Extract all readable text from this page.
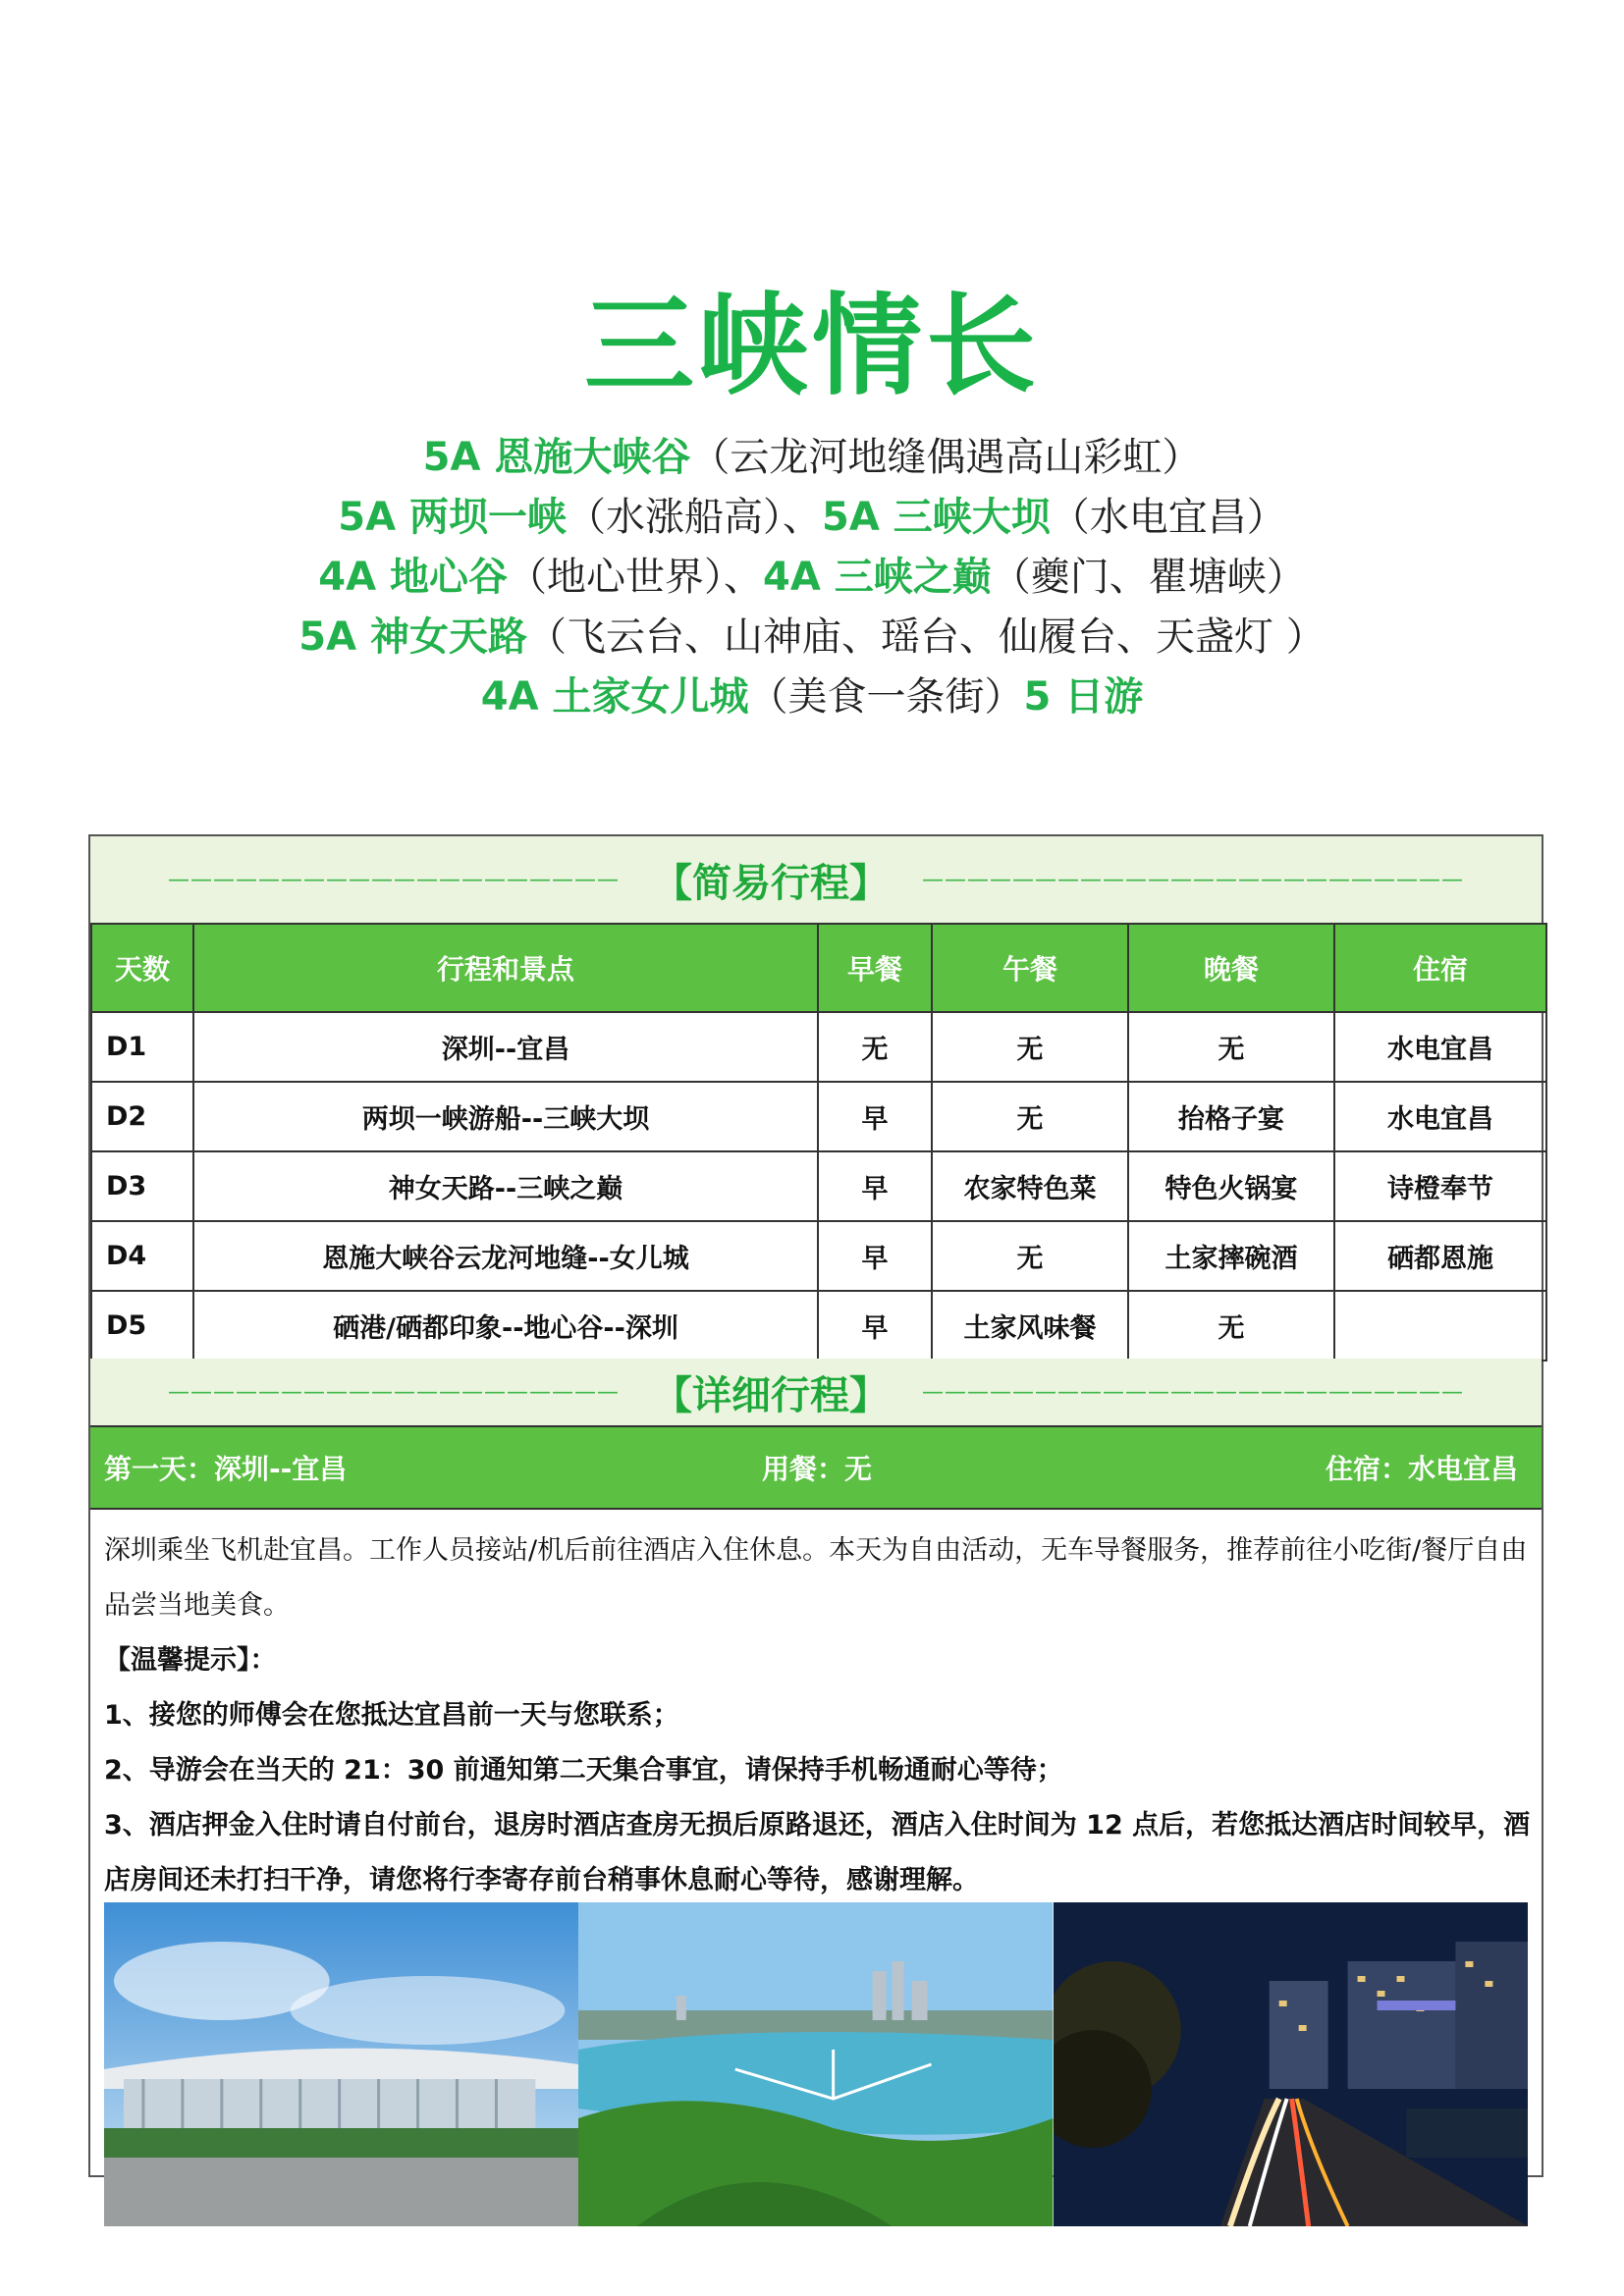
三峡情长
5A 恩施大峡谷（云龙河地缝偶遇高山彩虹）
5A 两坝一峡（水涨船高）、5A 三峡大坝（水电宜昌）
4A 地心谷（地心世界）、4A 三峡之巅（夔门、瞿塘峡）
5A 神女天路（飞云台、山神庙、瑶台、仙履台、天盏灯 ）
4A 土家女儿城（美食一条街）5 日游
———————————————————— 【简易行程】 ————————————————————————
天数	行程和景点	早餐	午餐	晚餐	住宿
D1	深圳--宜昌	无	无	无	水电宜昌
D2	两坝一峡游船--三峡大坝	早	无	抬格子宴	水电宜昌
D3	神女天路--三峡之巅	早	农家特色菜	特色火锅宴	诗橙奉节
D4	恩施大峡谷云龙河地缝--女儿城	早	无	土家摔碗酒	硒都恩施
D5	硒港/硒都印象--地心谷--深圳	早	土家风味餐	无	
———————————————————— 【详细行程】 ————————————————————————
第一天：深圳--宜昌	用餐：无	住宿：水电宜昌

深圳乘坐飞机赴宜昌。工作人员接站/机后前往酒店入住休息。本天为自由活动，无车导餐服务，推荐前往小吃街/餐厅自由品尝当地美食。

【温馨提示】：

1、接您的师傅会在您抵达宜昌前一天与您联系；

2、导游会在当天的 21：30 前通知第二天集合事宜，请保持手机畅通耐心等待；

3、酒店押金入住时请自付前台，退房时酒店查房无损后原路退还，酒店入住时间为 12 点后，若您抵达酒店时间较早，酒店房间还未打扫干净，请您将行李寄存前台稍事休息耐心等待，感谢理解。
